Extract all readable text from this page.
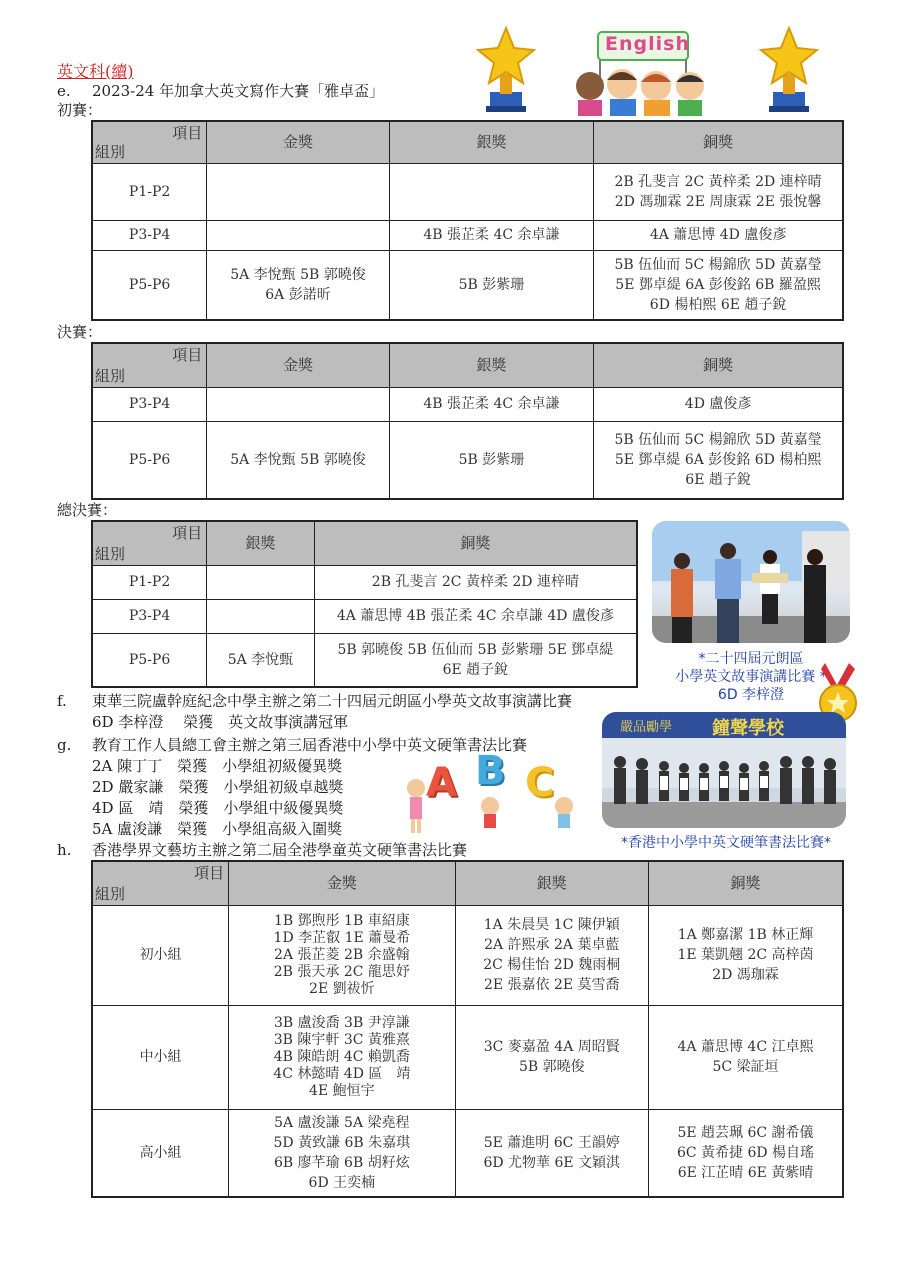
英文科(續)
English
e. 2023-24 年加拿大英文寫作大賽「雅卓盃」
初賽：
項目
組別	金獎	銀獎	銅獎
P1-P2			2B 孔斐言 2C 黃梓柔 2D 連梓晴
2D 馮珈霖 2E 周康霖 2E 張悅馨

P3-P4		4B 張芷柔 4C 余卓謙	4A 蕭思博 4D 盧俊彥

P5-P6	5A 李悅甄 5B 郭曉俊
6A 彭諾昕	5B 彭紫珊	5B 伍仙而 5C 楊錦欣 5D 黃嘉瑩
5E 鄧卓緹 6A 彭俊銘 6B 羅盈熙
6D 楊柏熙 6E 趙子銳
決賽：
項目
組別	金獎	銀獎	銅獎
P3-P4		4B 張芷柔 4C 余卓謙	4D 盧俊彥

P5-P6	5A 李悅甄 5B 郭曉俊	5B 彭紫珊	5B 伍仙而 5C 楊錦欣 5D 黃嘉瑩
5E 鄧卓緹 6A 彭俊銘 6D 楊柏熙
6E 趙子銳
總決賽：
項目
組別	銀獎	銅獎
P1-P2		2B 孔斐言 2C 黃梓柔 2D 連梓晴

P3-P4		4A 蕭思博 4B 張芷柔 4C 余卓謙 4D 盧俊彥

P5-P6	5A 李悅甄	5B 郭曉俊 5B 伍仙而 5B 彭紫珊 5E 鄧卓緹
6E 趙子銳
*二十四屆元朗區
小學英文故事演講比賽 *
6D 李梓澄
f. 東華三院盧幹庭紀念中學主辦之第二十四屆元朗區小學英文故事演講比賽
6D 李梓澄　 榮獲　英文故事演講冠軍
g. 教育工作人員總工會主辦之第三屆香港中小學中英文硬筆書法比賽
2A 陳丁丁　榮獲　小學組初級優異獎
2D 嚴家謙　榮獲　小學組初級卓越獎
4D 區　靖　榮獲　小學組中級優異獎
5A 盧浚謙　榮獲　小學組高級入圍獎
A B C
嚴品勵學 鐘聲學校
*香港中小學中英文硬筆書法比賽*
h. 香港學界文藝坊主辦之第二屆全港學童英文硬筆書法比賽
項目
組別	金獎	銀獎	銅獎
初小組	1B 鄧煦彤 1B 車紹康
1D 李芷叡 1E 蕭曼希
2A 張芷菱 2B 余盛翰
2B 張天承 2C 龍思妤
2E 劉祓忻	1A 朱晨昊 1C 陳伊穎
2A 許熙承 2A 葉卓藍
2C 楊佳怡 2D 魏雨桐
2E 張嘉依 2E 莫雪喬	1A 鄭嘉潔 1B 林正輝
1E 葉凱翹 2C 高梓茵
2D 馮珈霖

中小組	3B 盧浚喬 3B 尹淳謙
3B 陳宇軒 3C 黃雅熹
4B 陳皓朗 4C 賴凱喬
4C 林懿晴 4D 區　靖
4E 鮑恒宇	3C 麥嘉盈 4A 周昭賢
5B 郭曉俊	4A 蕭思博 4C 江卓熙
5C 梁証垣

高小組	5A 盧浚謙 5A 梁堯程
5D 黃致謙 6B 朱嘉琪
6B 廖芊瑜 6B 胡籽炫
6D 王奕楠	5E 蕭進明 6C 王韻婷
6D 尤物華 6E 文穎淇	5E 趙芸珮 6C 謝希儀
6C 黃希捷 6D 楊自瑤
6E 江芷晴 6E 黃紫晴
